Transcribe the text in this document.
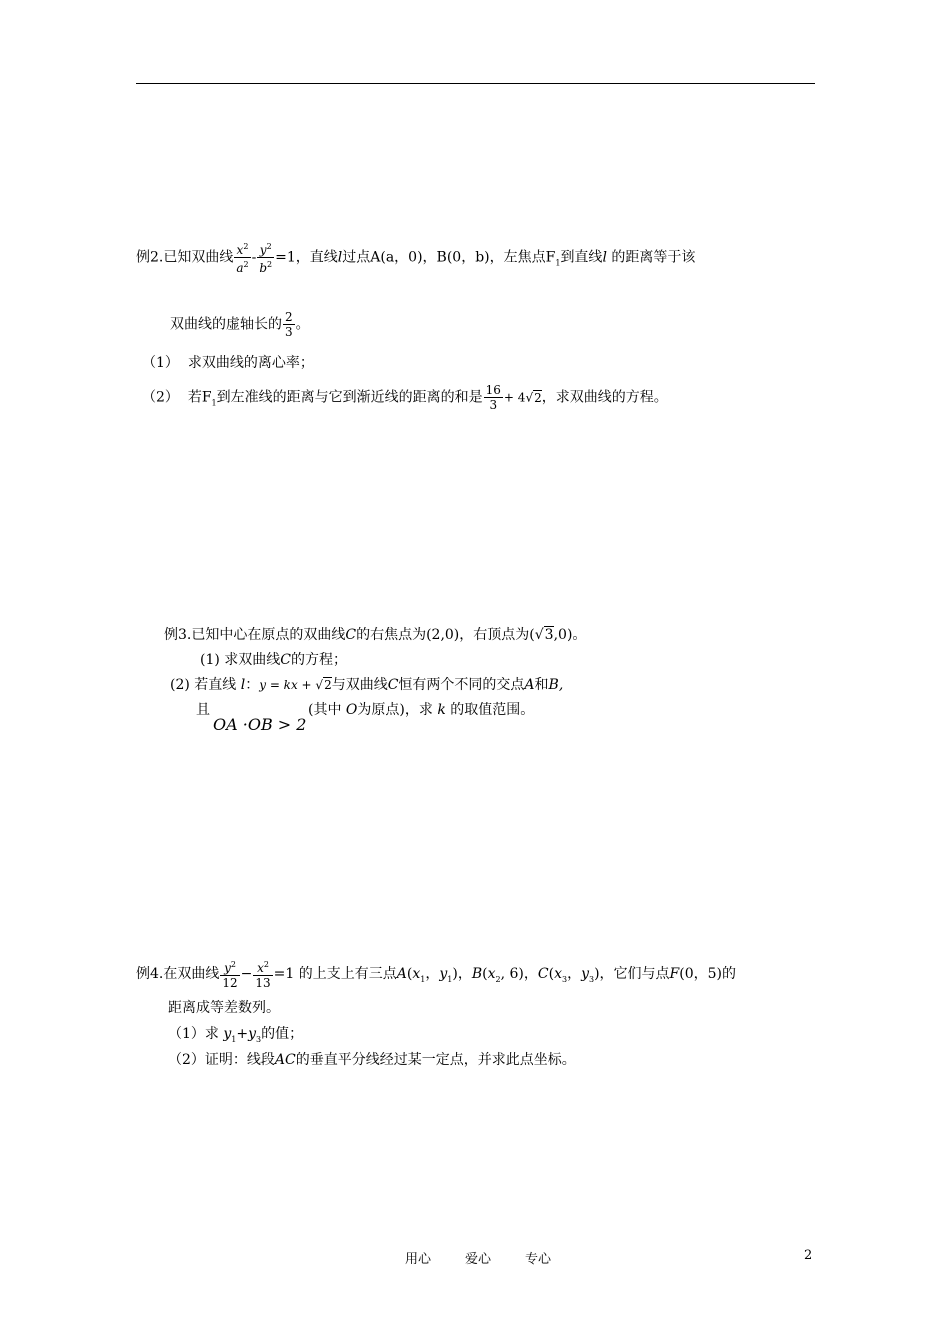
例2.已知双曲线 $\frac{x^2}{a^2} - \frac{y^2}{b^2} =1$，直线l过点A(a，0)，B(0，b)，左焦点$F_1$到直线l 的距离等于该
双曲线的虚轴长的 $\frac{2}{3}$ 。
（1） 求双曲线的离心率；
（2） 若$F_1$到左准线的距离与它到渐近线的距离的和是 $\frac{16}{3} + 4√2$，求双曲线的方程。
例3.已知中心在原点的双曲线C的右焦点为(2,0)，右顶点为(√3,0)。
(1) 求双曲线C的方程；
(2) 若直线 l：y = kx + √2与双曲线C恒有两个不同的交点A和B,
且
OA ·OB > 2
(其中 O为原点)，求 k 的取值范围。
例4.在双曲线 $\frac{y^2}{12} - \frac{x^2}{13} =1$ 的上支上有三点$A(x_1$，$y_1$)，$B(x_2$, 6)，$C(x_3$，$y_3$)，它们与点F(0，5)的
距离成等差数列。
（1）求 $y_1+y_3$的值；
（2）证明：线段AC的垂直平分线经过某一定点，并求此点坐标。
用心	爱心	专心	2
